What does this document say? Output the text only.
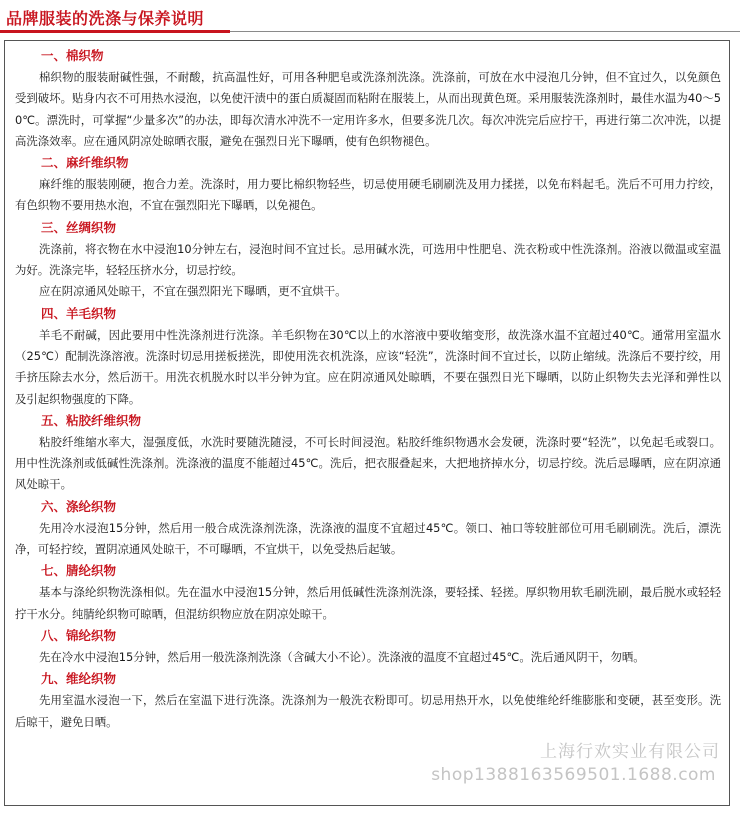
品牌服装的洗涤与保养说明
一、棉织物

棉织物的服装耐碱性强，不耐酸，抗高温性好，可用各种肥皂或洗涤剂洗涤。洗涤前，可放在水中浸泡几分钟，但不宜过久，以免颜色受到破坏。贴身内衣不可用热水浸泡，以免使汗渍中的蛋白质凝固而粘附在服装上，从而出现黄色斑。采用服装洗涤剂时，最佳水温为40～50℃。漂洗时，可掌握“少量多次”的办法，即每次清水冲洗不一定用许多水，但要多洗几次。每次冲洗完后应拧干，再进行第二次冲洗，以提高洗涤效率。应在通风阴凉处晾晒衣服，避免在强烈日光下曝晒，使有色织物褪色。

二、麻纤维织物

麻纤维的服装刚硬，抱合力差。洗涤时，用力要比棉织物轻些，切忌使用硬毛刷刷洗及用力揉搓，以免布料起毛。洗后不可用力拧绞，有色织物不要用热水泡，不宜在强烈阳光下曝晒，以免褪色。

三、丝绸织物

洗涤前，将衣物在水中浸泡10分钟左右，浸泡时间不宜过长。忌用碱水洗，可选用中性肥皂、洗衣粉或中性洗涤剂。浴液以微温或室温为好。洗涤完毕，轻轻压挤水分，切忌拧绞。

应在阴凉通风处晾干，不宜在强烈阳光下曝晒，更不宜烘干。

四、羊毛织物

羊毛不耐碱，因此要用中性洗涤剂进行洗涤。羊毛织物在30℃以上的水溶液中要收缩变形，故洗涤水温不宜超过40℃。通常用室温水（25℃）配制洗涤溶液。洗涤时切忌用搓板搓洗，即使用洗衣机洗涤，应该“轻洗”，洗涤时间不宜过长，以防止缩绒。洗涤后不要拧绞，用手挤压除去水分，然后沥干。用洗衣机脱水时以半分钟为宜。应在阴凉通风处晾晒，不要在强烈日光下曝晒，以防止织物失去光泽和弹性以及引起织物强度的下降。

五、粘胶纤维织物

粘胶纤维缩水率大，湿强度低，水洗时要随洗随浸，不可长时间浸泡。粘胶纤维织物遇水会发硬，洗涤时要“轻洗”，以免起毛或裂口。用中性洗涤剂或低碱性洗涤剂。洗涤液的温度不能超过45℃。洗后，把衣服叠起来，大把地挤掉水分，切忌拧绞。洗后忌曝晒，应在阴凉通风处晾干。

六、涤纶织物

先用冷水浸泡15分钟，然后用一般合成洗涤剂洗涤，洗涤液的温度不宜超过45℃。领口、袖口等较脏部位可用毛刷刷洗。洗后，漂洗净，可轻拧绞，置阴凉通风处晾干，不可曝晒，不宜烘干，以免受热后起皱。

七、腈纶织物

基本与涤纶织物洗涤相似。先在温水中浸泡15分钟，然后用低碱性洗涤剂洗涤，要轻揉、轻搓。厚织物用软毛刷洗刷，最后脱水或轻轻拧干水分。纯腈纶织物可晾晒，但混纺织物应放在阴凉处晾干。

八、锦纶织物

先在冷水中浸泡15分钟，然后用一般洗涤剂洗涤（含碱大小不论）。洗涤液的温度不宜超过45℃。洗后通风阴干，勿晒。

九、维纶织物

先用室温水浸泡一下，然后在室温下进行洗涤。洗涤剂为一般洗衣粉即可。切忌用热开水，以免使维纶纤维膨胀和变硬，甚至变形。洗后晾干，避免日晒。

上海行欢实业有限公司
shop1388163569501.1688.com
